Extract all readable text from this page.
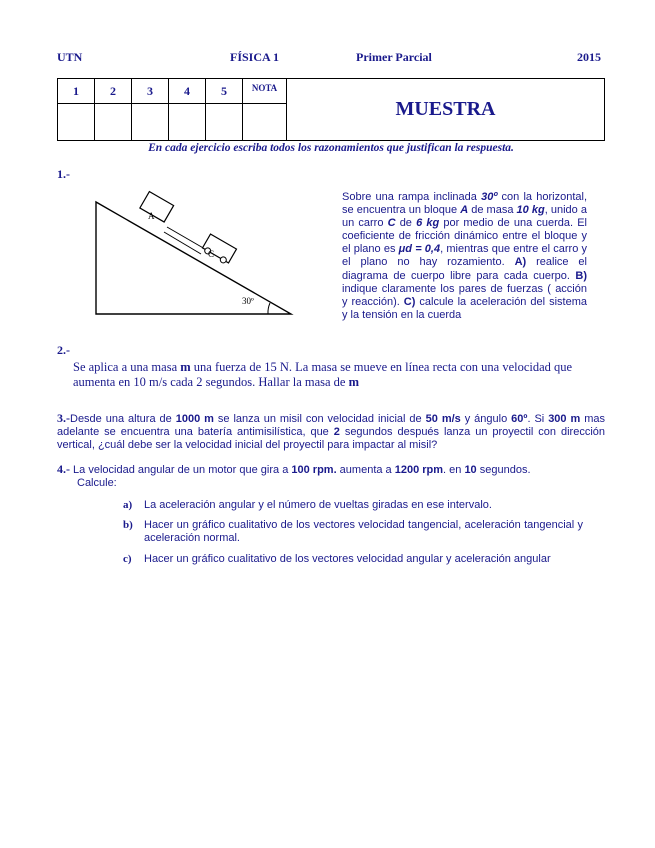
UTN	FÍSICA 1	Primer Parcial	2015
1	2	3	4	5	NOTA	MUESTRA

En cada ejercicio escriba todos los razonamientos que justifican la respuesta.
1.-
A
C
30º
Sobre una rampa inclinada 30º con la horizontal, se encuentra un bloque A de masa 10 kg, unido a un carro C de 6 kg por medio de una cuerda. El coeficiente de fricción dinámico entre el bloque y el plano es μd = 0,4, mientras que entre el carro y el plano no hay rozamiento. A) realice el diagrama de cuerpo libre para cada cuerpo. B) indique claramente los pares de fuerzas ( acción y reacción). C) calcule la aceleración del sistema y la tensión en la cuerda
2.-
Se aplica a una masa m una fuerza de 15 N. La masa se mueve en línea recta con una velocidad que aumenta en 10 m/s cada 2 segundos. Hallar la masa de m
3.-Desde una altura de 1000 m se lanza un misil con velocidad inicial de 50 m/s y ángulo 60º. Si 300 m mas adelante se encuentra una batería antimisilística, que 2 segundos después lanza un proyectil con dirección vertical, ¿cuál debe ser la velocidad inicial del proyectil para impactar al misil?
4.- La velocidad angular de un motor que gira a 100 rpm. aumenta a 1200 rpm. en 10 segundos.
Calcule:
a) La aceleración angular y el número de vueltas giradas en ese intervalo.
b) Hacer un gráfico cualitativo de los vectores velocidad tangencial, aceleración tangencial y aceleración normal.
c) Hacer un gráfico cualitativo de los vectores velocidad angular y aceleración angular
